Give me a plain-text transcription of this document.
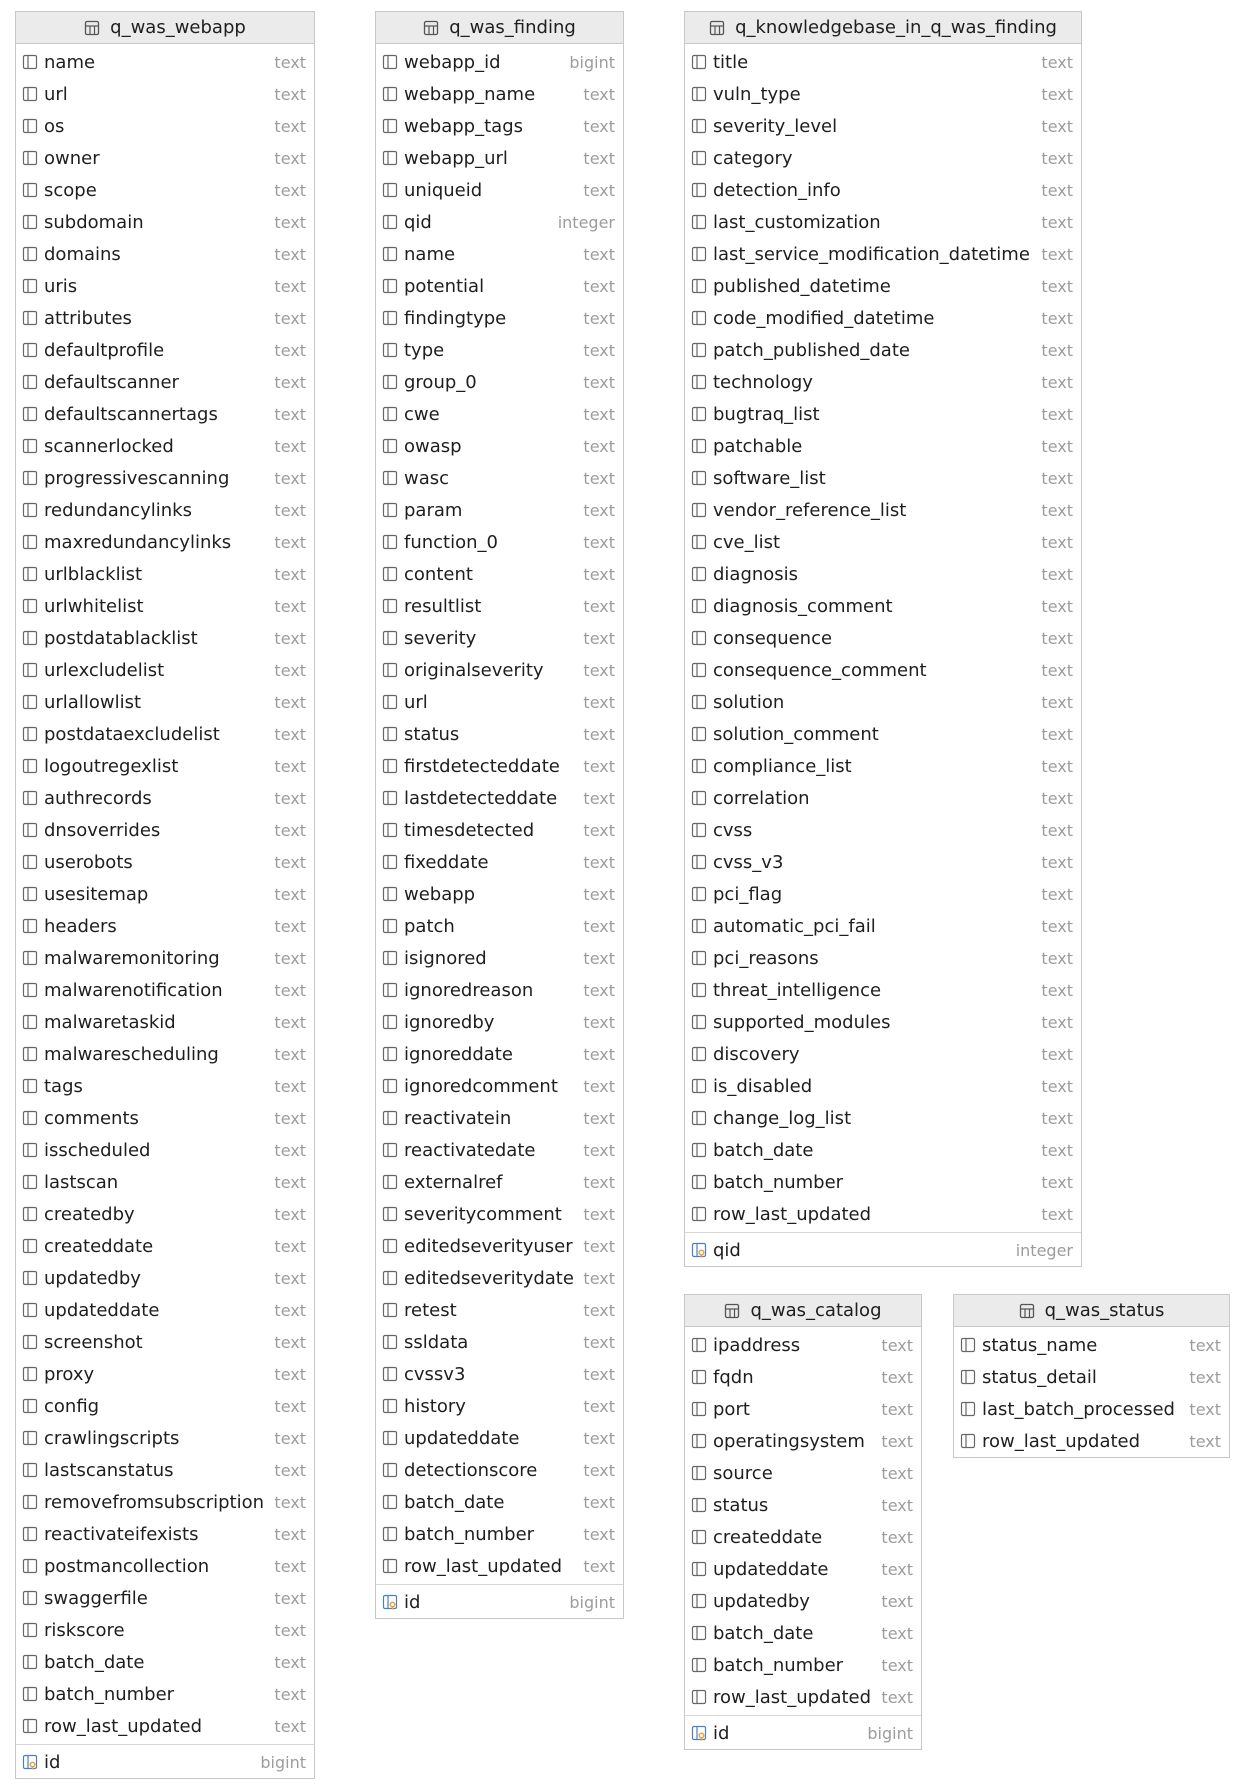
q_was_webapp
name	text
url	text
os	text
owner	text
scope	text
subdomain	text
domains	text
uris	text
attributes	text
defaultprofile	text
defaultscanner	text
defaultscannertags	text
scannerlocked	text
progressivescanning	text
redundancylinks	text
maxredundancylinks	text
urlblacklist	text
urlwhitelist	text
postdatablacklist	text
urlexcludelist	text
urlallowlist	text
postdataexcludelist	text
logoutregexlist	text
authrecords	text
dnsoverrides	text
userobots	text
usesitemap	text
headers	text
malwaremonitoring	text
malwarenotification	text
malwaretaskid	text
malwarescheduling	text
tags	text
comments	text
isscheduled	text
lastscan	text
createdby	text
createddate	text
updatedby	text
updateddate	text
screenshot	text
proxy	text
config	text
crawlingscripts	text
lastscanstatus	text
removefromsubscription text
reactivateifexists	text
postmancollection	text
swaggerfile	text
riskscore	text
batch_date	text
batch_number	text
row_last_updated	text
id	bigint
q_was_finding
webapp_id	bigint
webapp_name	text
webapp_tags	text
webapp_url	text
uniqueid	text
qid	integer
name	text
potential	text
findingtype	text
type	text
group_0	text
cwe	text
owasp	text
wasc	text
param	text
function_0	text
content	text
resultlist	text
severity	text
originalseverity	text
url	text
status	text
firstdetecteddate	text
lastdetecteddate	text
timesdetected	text
fixeddate	text
webapp	text
patch	text
isignored	text
ignoredreason	text
ignoredby	text
ignoreddate	text
ignoredcomment	text
reactivatein	text
reactivatedate	text
externalref	text
severitycomment	text
editedseverityuser text
editedseveritydate text
retest	text
ssldata	text
cvssv3	text
history	text
updateddate	text
detectionscore	text
batch_date	text
batch_number	text
row_last_updated	text
id	bigint
q_knowledgebase_in_q_was_finding
title	text
vuln_type	text
severity_level	text
category	text
detection_info	text
last_customization	text
last_service_modification_datetime text
published_datetime	text
code_modified_datetime	text
patch_published_date	text
technology	text
bugtraq_list	text
patchable	text
software_list	text
vendor_reference_list	text
cve_list	text
diagnosis	text
diagnosis_comment	text
consequence	text
consequence_comment	text
solution	text
solution_comment	text
compliance_list	text
correlation	text
cvss	text
cvss_v3	text
pci_flag	text
automatic_pci_fail	text
pci_reasons	text
threat_intelligence	text
supported_modules	text
discovery	text
is_disabled	text
change_log_list	text
batch_date	text
batch_number	text
row_last_updated	text
qid	integer
q_was_catalog
ipaddress	text
fqdn	text
port	text
operatingsystem	text
source	text
status	text
createddate	text
updateddate	text
updatedby	text
batch_date	text
batch_number	text
row_last_updated text
id	bigint
q_was_status
status_name	text
status_detail	text
last_batch_processed text
row_last_updated	text
